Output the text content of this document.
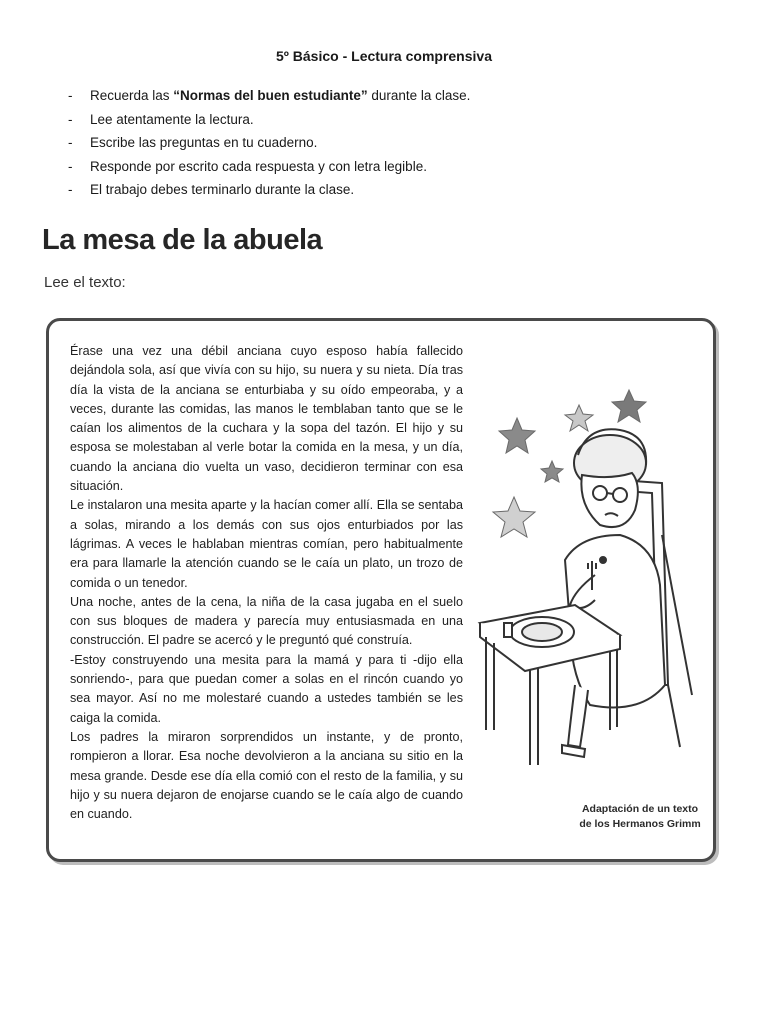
5º Básico - Lectura comprensiva
- Recuerda las “Normas del buen estudiante” durante la clase.
- Lee atentamente la lectura.
- Escribe las preguntas en tu cuaderno.
- Responde por escrito cada respuesta y con letra legible.
- El trabajo debes terminarlo durante la clase.
La mesa de la abuela
Lee el texto:

Érase una vez una débil anciana cuyo esposo había fallecido dejándola sola, así que vivía con su hijo, su nuera y su nieta. Día tras día la vista de la anciana se enturbiaba y su oído empeoraba, y a veces, durante las comidas, las manos le temblaban tanto que se le caían los alimentos de la cuchara y la sopa del tazón. El hijo y su esposa se molestaban al verle botar la comida en la mesa, y un día, cuando la anciana dio vuelta un vaso, decidieron terminar con esa situación.

Le instalaron una mesita aparte y la hacían comer allí. Ella se sentaba a solas, mirando a los demás con sus ojos enturbiados por las lágrimas. A veces le hablaban mientras comían, pero habitualmente era para llamarle la atención cuando se le caía un plato, un trozo de comida o un tenedor.

Una noche, antes de la cena, la niña de la casa jugaba en el suelo con sus bloques de madera y parecía muy entusiasmada en una construcción. El padre se acercó y le preguntó qué construía.

-Estoy construyendo una mesita para la mamá y para ti -dijo ella sonriendo-, para que puedan comer a solas en el rincón cuando yo sea mayor. Así no me molestaré cuando a ustedes también se les caiga la comida.

Los padres la miraron sorprendidos un instante, y de pronto, rompieron a llorar. Esa noche devolvieron a la anciana su sitio en la mesa grande. Desde ese día ella comió con el resto de la familia, y su hijo y su nuera dejaron de enojarse cuando se le caía algo de cuando en cuando.	Adaptación de un texto
de los Hermanos Grimm
